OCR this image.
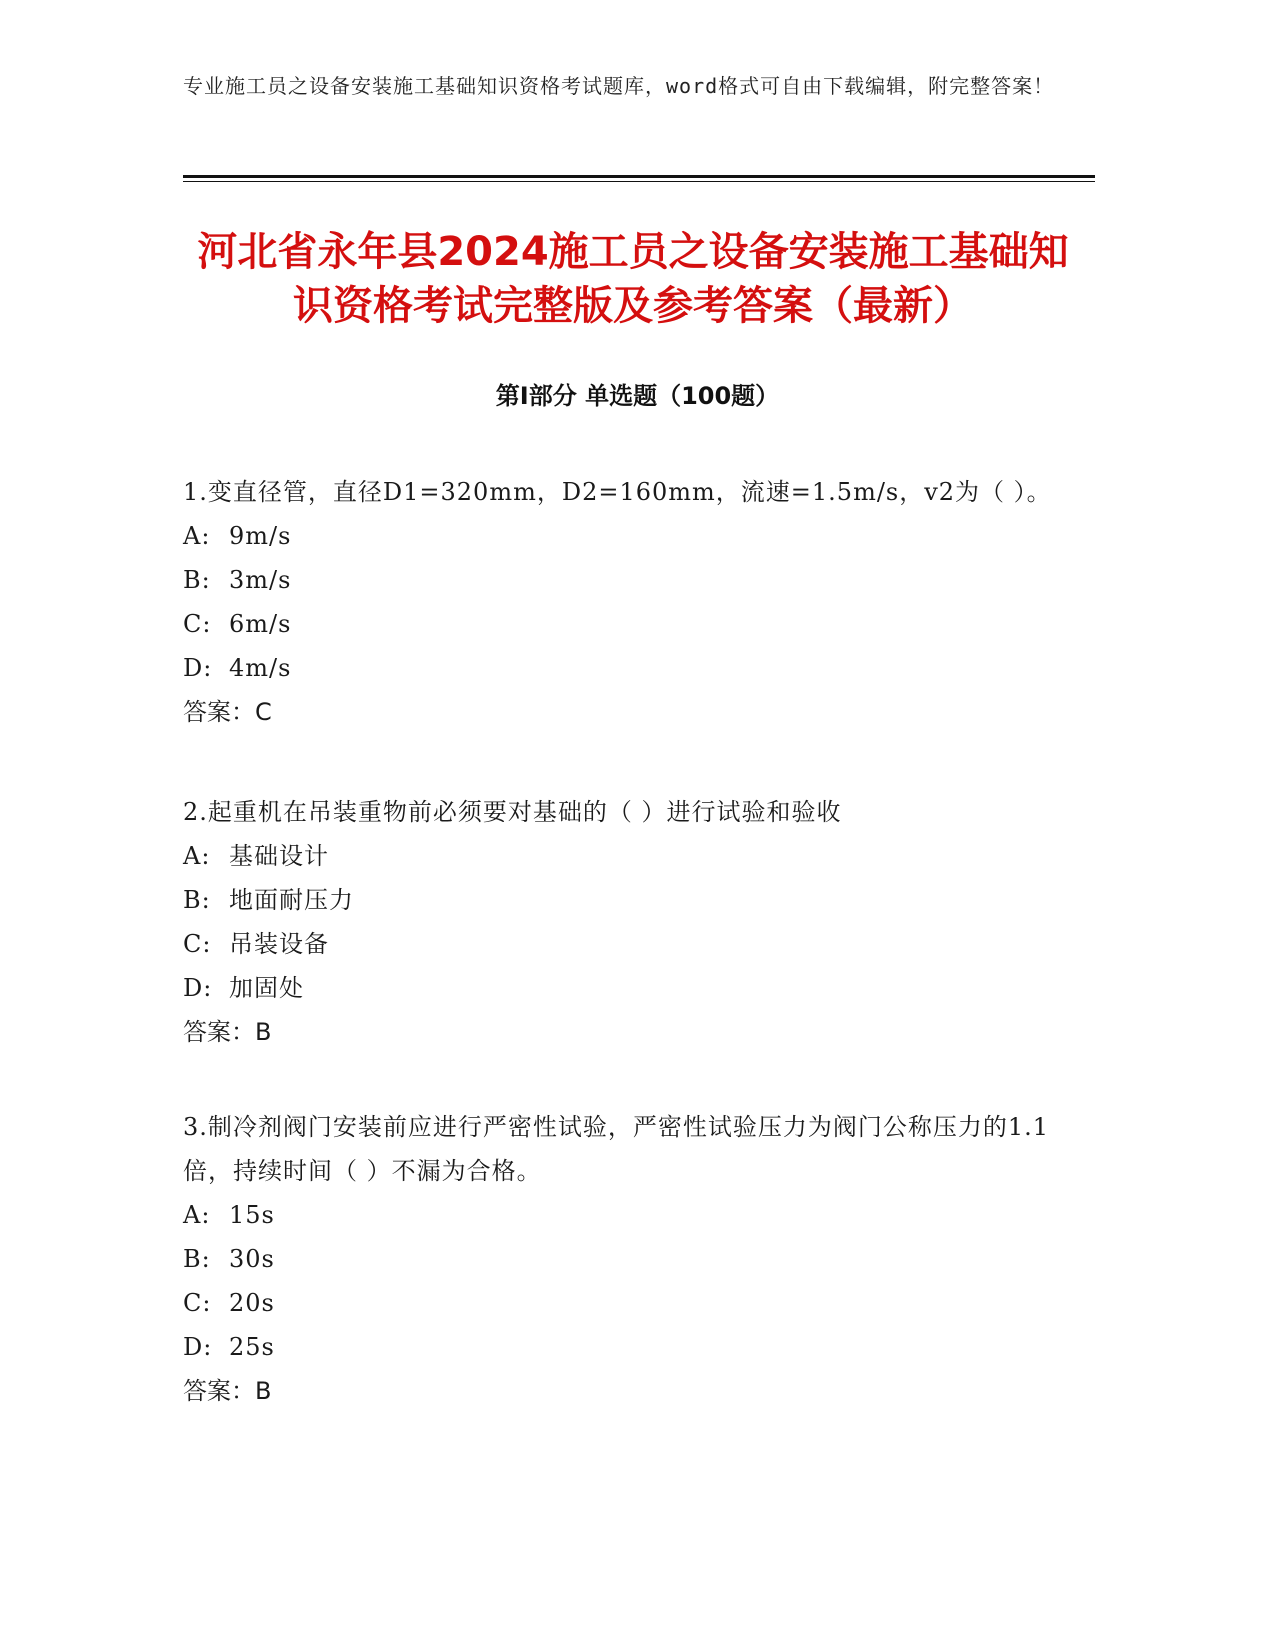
专业施工员之设备安装施工基础知识资格考试题库，word格式可自由下载编辑，附完整答案！
河北省永年县2024施工员之设备安装施工基础知识资格考试完整版及参考答案（最新）
第Ⅰ部分 单选题（100题）
1.变直径管，直径D1=320mm，D2=160mm，流速=1.5m/s，v2为（ ）。
A: 9m/s
B: 3m/s
C: 6m/s
D: 4m/s
答案：C
2.起重机在吊装重物前必须要对基础的（ ）进行试验和验收
A: 基础设计
B: 地面耐压力
C: 吊装设备
D: 加固处
答案：B
3.制冷剂阀门安装前应进行严密性试验，严密性试验压力为阀门公称压力的1.1倍，持续时间（ ）不漏为合格。
A: 15s
B: 30s
C: 20s
D: 25s
答案：B
